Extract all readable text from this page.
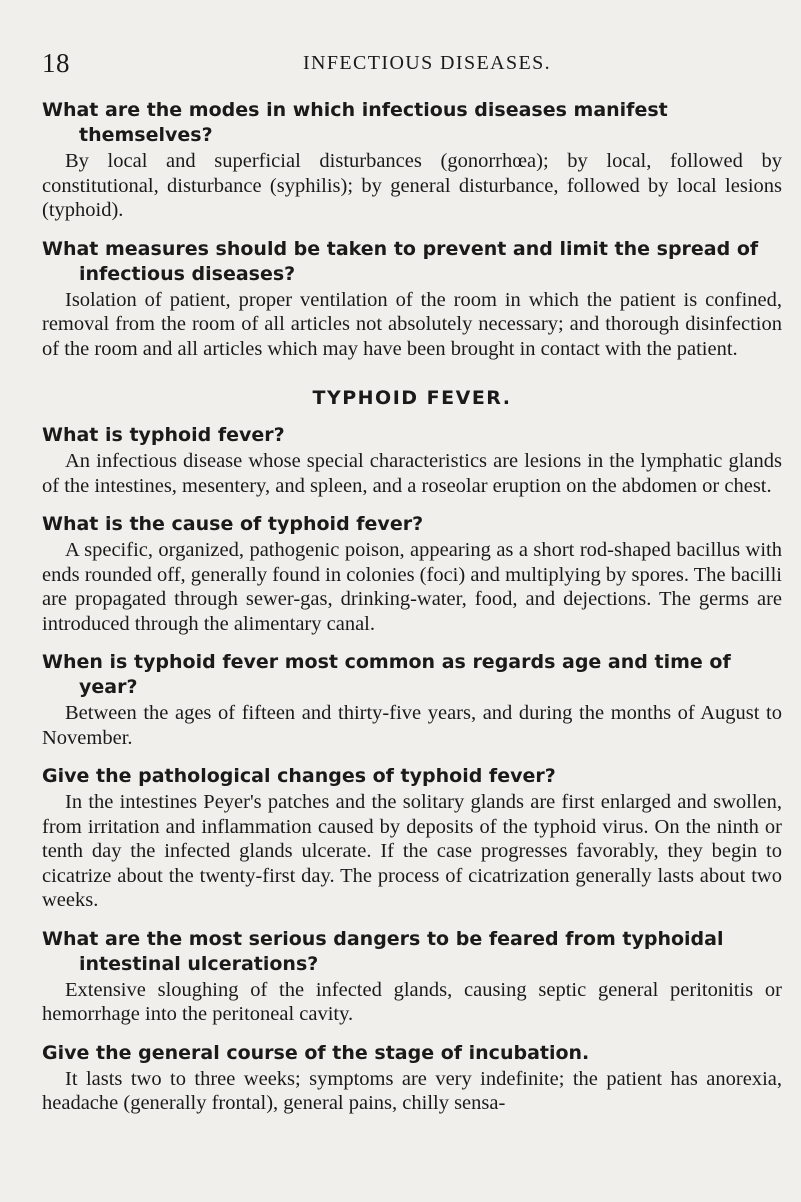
18	INFECTIOUS DISEASES.

What are the modes in which infectious diseases manifest themselves?

By local and superficial disturbances (gonorrhœa); by local, followed by constitutional, disturbance (syphilis); by general disturbance, followed by local lesions (typhoid).

What measures should be taken to prevent and limit the spread of infectious diseases?

Isolation of patient, proper ventilation of the room in which the patient is confined, removal from the room of all articles not absolutely necessary; and thorough disinfection of the room and all articles which may have been brought in contact with the patient.

TYPHOID FEVER.

What is typhoid fever?

An infectious disease whose special characteristics are lesions in the lymphatic glands of the intestines, mesentery, and spleen, and a roseolar eruption on the abdomen or chest.

What is the cause of typhoid fever?

A specific, organized, pathogenic poison, appearing as a short rod-shaped bacillus with ends rounded off, generally found in colonies (foci) and multiplying by spores. The bacilli are propagated through sewer-gas, drinking-water, food, and dejections. The germs are introduced through the alimentary canal.

When is typhoid fever most common as regards age and time of year?

Between the ages of fifteen and thirty-five years, and during the months of August to November.

Give the pathological changes of typhoid fever?

In the intestines Peyer's patches and the solitary glands are first enlarged and swollen, from irritation and inflammation caused by deposits of the typhoid virus. On the ninth or tenth day the infected glands ulcerate. If the case progresses favorably, they begin to cicatrize about the twenty-first day. The process of cicatrization generally lasts about two weeks.

What are the most serious dangers to be feared from typhoidal intestinal ulcerations?

Extensive sloughing of the infected glands, causing septic general peritonitis or hemorrhage into the peritoneal cavity.

Give the general course of the stage of incubation.

It lasts two to three weeks; symptoms are very indefinite; the patient has anorexia, headache (generally frontal), general pains, chilly sensa-
